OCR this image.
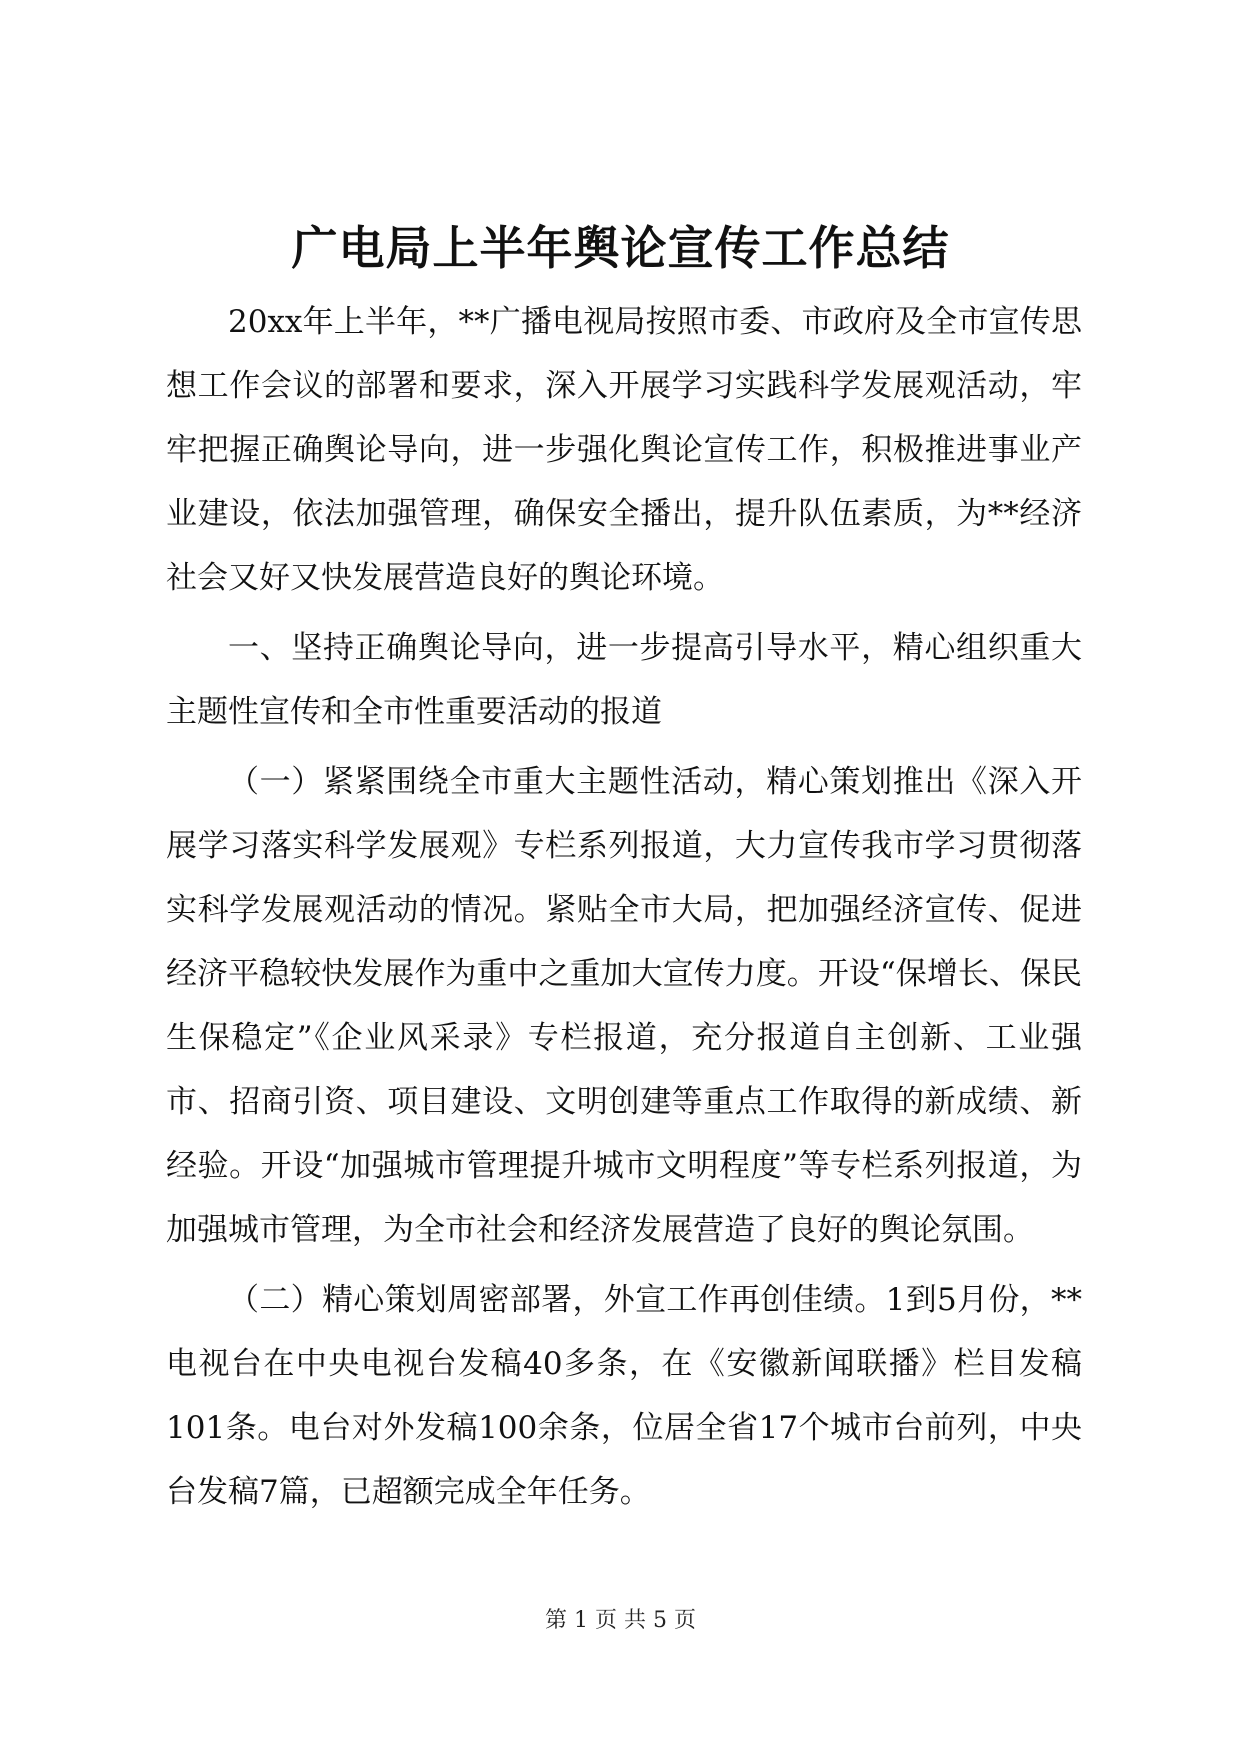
广电局上半年舆论宣传工作总结

20xx年上半年，**广播电视局按照市委、市政府及全市宣传思想工作会议的部署和要求，深入开展学习实践科学发展观活动，牢牢把握正确舆论导向，进一步强化舆论宣传工作，积极推进事业产业建设，依法加强管理，确保安全播出，提升队伍素质，为**经济社会又好又快发展营造良好的舆论环境。

一、坚持正确舆论导向，进一步提高引导水平，精心组织重大主题性宣传和全市性重要活动的报道

（一）紧紧围绕全市重大主题性活动，精心策划推出《深入开展学习落实科学发展观》专栏系列报道，大力宣传我市学习贯彻落实科学发展观活动的情况。紧贴全市大局，把加强经济宣传、促进经济平稳较快发展作为重中之重加大宣传力度。开设“保增长、保民生保稳定”《企业风采录》专栏报道，充分报道自主创新、工业强市、招商引资、项目建设、文明创建等重点工作取得的新成绩、新经验。开设“加强城市管理提升城市文明程度”等专栏系列报道，为加强城市管理，为全市社会和经济发展营造了良好的舆论氛围。

（二）精心策划周密部署，外宣工作再创佳绩。1到5月份，**电视台在中央电视台发稿40多条，在《安徽新闻联播》栏目发稿101条。电台对外发稿100余条，位居全省17个城市台前列，中央台发稿7篇，已超额完成全年任务。

第 1 页 共 5 页
